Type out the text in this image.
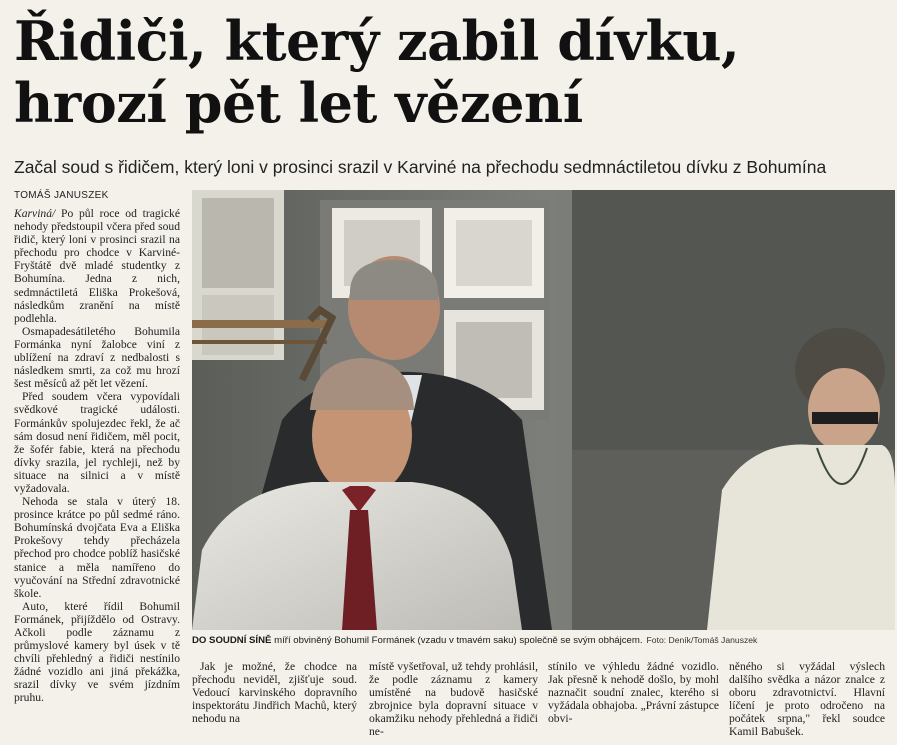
Řidiči, který zabil dívku,
hrozí pět let vězení
Začal soud s řidičem, který loni v prosinci srazil v Karviné na přechodu sedmnáctiletou dívku z Bohumína
TOMÁŠ JANUSZEK

Karviná/ Po půl roce od tragické nehody předstoupil včera před soud řidič, který loni v prosinci srazil na přechodu pro chodce v Karviné-Fryštátě dvě mladé studentky z Bohumína. Jedna z nich, sedmnáctiletá Eliška Prokešová, následkům zranění na místě podlehla.

Osmapadesátiletého Bohumila Formánka nyní žalobce viní z ublížení na zdraví z nedbalosti s následkem smrti, za což mu hrozí šest měsíců až pět let vězení.

Před soudem včera vypovídali svědkové tragické události. Formánkův spolujezdec řekl, že ač sám dosud není řidičem, měl pocit, že šofér fabie, která na přechodu dívky srazila, jel rychleji, než by situace na silnici a v místě vyžadovala.

Nehoda se stala v úterý 18. prosince krátce po půl sedmé ráno. Bohumínská dvojčata Eva a Eliška Prokešovy tehdy přecházela přechod pro chodce poblíž hasičské stanice a měla namířeno do vyučování na Střední zdravotnické škole.

Auto, které řídil Bohumil Formánek, přijíždělo od Ostravy. Ačkoli podle záznamu z průmyslové kamery byl úsek v tě chvíli přehledný a řidiči nestínilo žádné vozidlo ani jiná překážka, srazil dívky ve svém jízdním pruhu.

DO SOUDNÍ SÍNĚ míří obviněný Bohumil Formánek (vzadu v tmavém saku) společně se svým obhájcem. Foto: Deník/Tomáš Januszek

Jak je možné, že chodce na přechodu neviděl, zjišťuje soud. Vedoucí karvinského dopravního inspektorátu Jindřich Machů, který nehodu na

místě vyšetřoval, už tehdy prohlásil, že podle záznamu z kamery umístěné na budově hasičské zbrojnice byla dopravní situace v okamžiku nehody přehledná a řidiči ne-

stínilo ve výhledu žádné vozidlo. Jak přesně k nehodě došlo, by mohl naznačit soudní znalec, kterého si vyžádala obhajoba. „Právní zástupce obvi-

něného si vyžádal výslech dalšího svědka a názor znalce z oboru zdravotnictví. Hlavní líčení je proto odročeno na počátek srpna," řekl soudce Kamil Babušek.
